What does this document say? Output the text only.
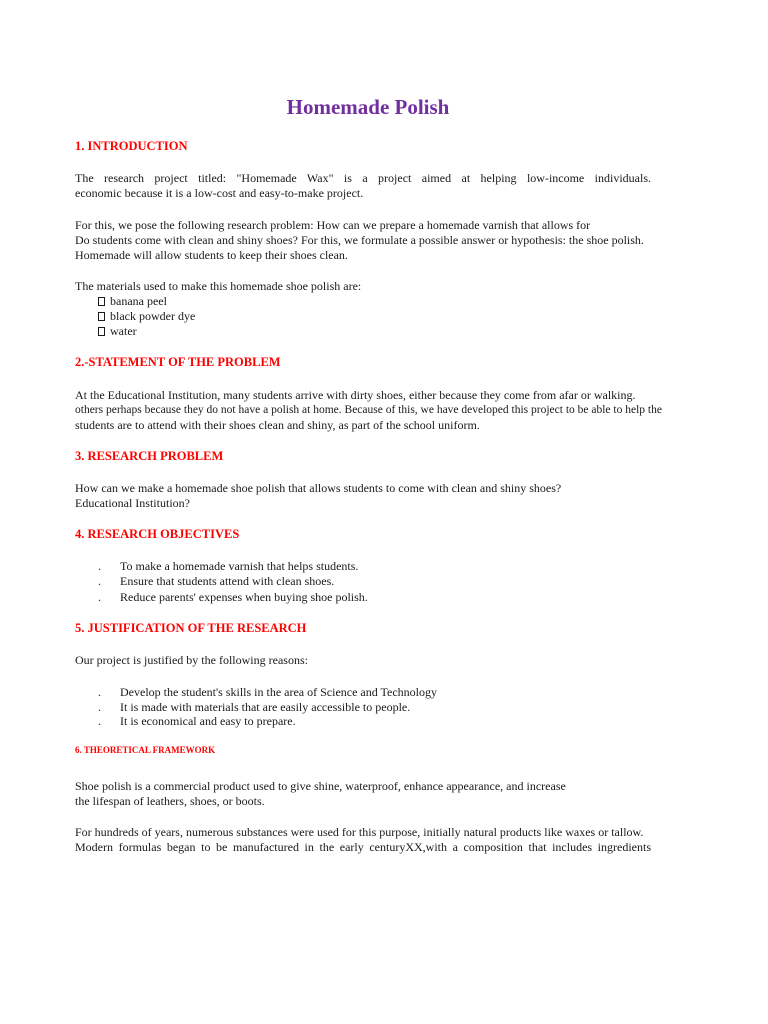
Homemade Polish
1. INTRODUCTION
The research project titled: "Homemade Wax" is a project aimed at helping low-income individuals.
economic because it is a low-cost and easy-to-make project.
For this, we pose the following research problem: How can we prepare a homemade varnish that allows for
Do students come with clean and shiny shoes? For this, we formulate a possible answer or hypothesis: the shoe polish.
Homemade will allow students to keep their shoes clean.
The materials used to make this homemade shoe polish are:
banana peel
black powder dye
water
2.-STATEMENT OF THE PROBLEM
At the Educational Institution, many students arrive with dirty shoes, either because they come from afar or walking.
others perhaps because they do not have a polish at home. Because of this, we have developed this project to be able to help the
students are to attend with their shoes clean and shiny, as part of the school uniform.
3. RESEARCH PROBLEM
How can we make a homemade shoe polish that allows students to come with clean and shiny shoes?
Educational Institution?
4. RESEARCH OBJECTIVES
. To make a homemade varnish that helps students.
. Ensure that students attend with clean shoes.
. Reduce parents' expenses when buying shoe polish.
5. JUSTIFICATION OF THE RESEARCH
Our project is justified by the following reasons:
. Develop the student's skills in the area of Science and Technology
. It is made with materials that are easily accessible to people.
. It is economical and easy to prepare.
6. THEORETICAL FRAMEWORK
Shoe polish is a commercial product used to give shine, waterproof, enhance appearance, and increase
the lifespan of leathers, shoes, or boots.
For hundreds of years, numerous substances were used for this purpose, initially natural products like waxes or tallow.
Modern formulas began to be manufactured in the early centuryXX,with a composition that includes ingredients
